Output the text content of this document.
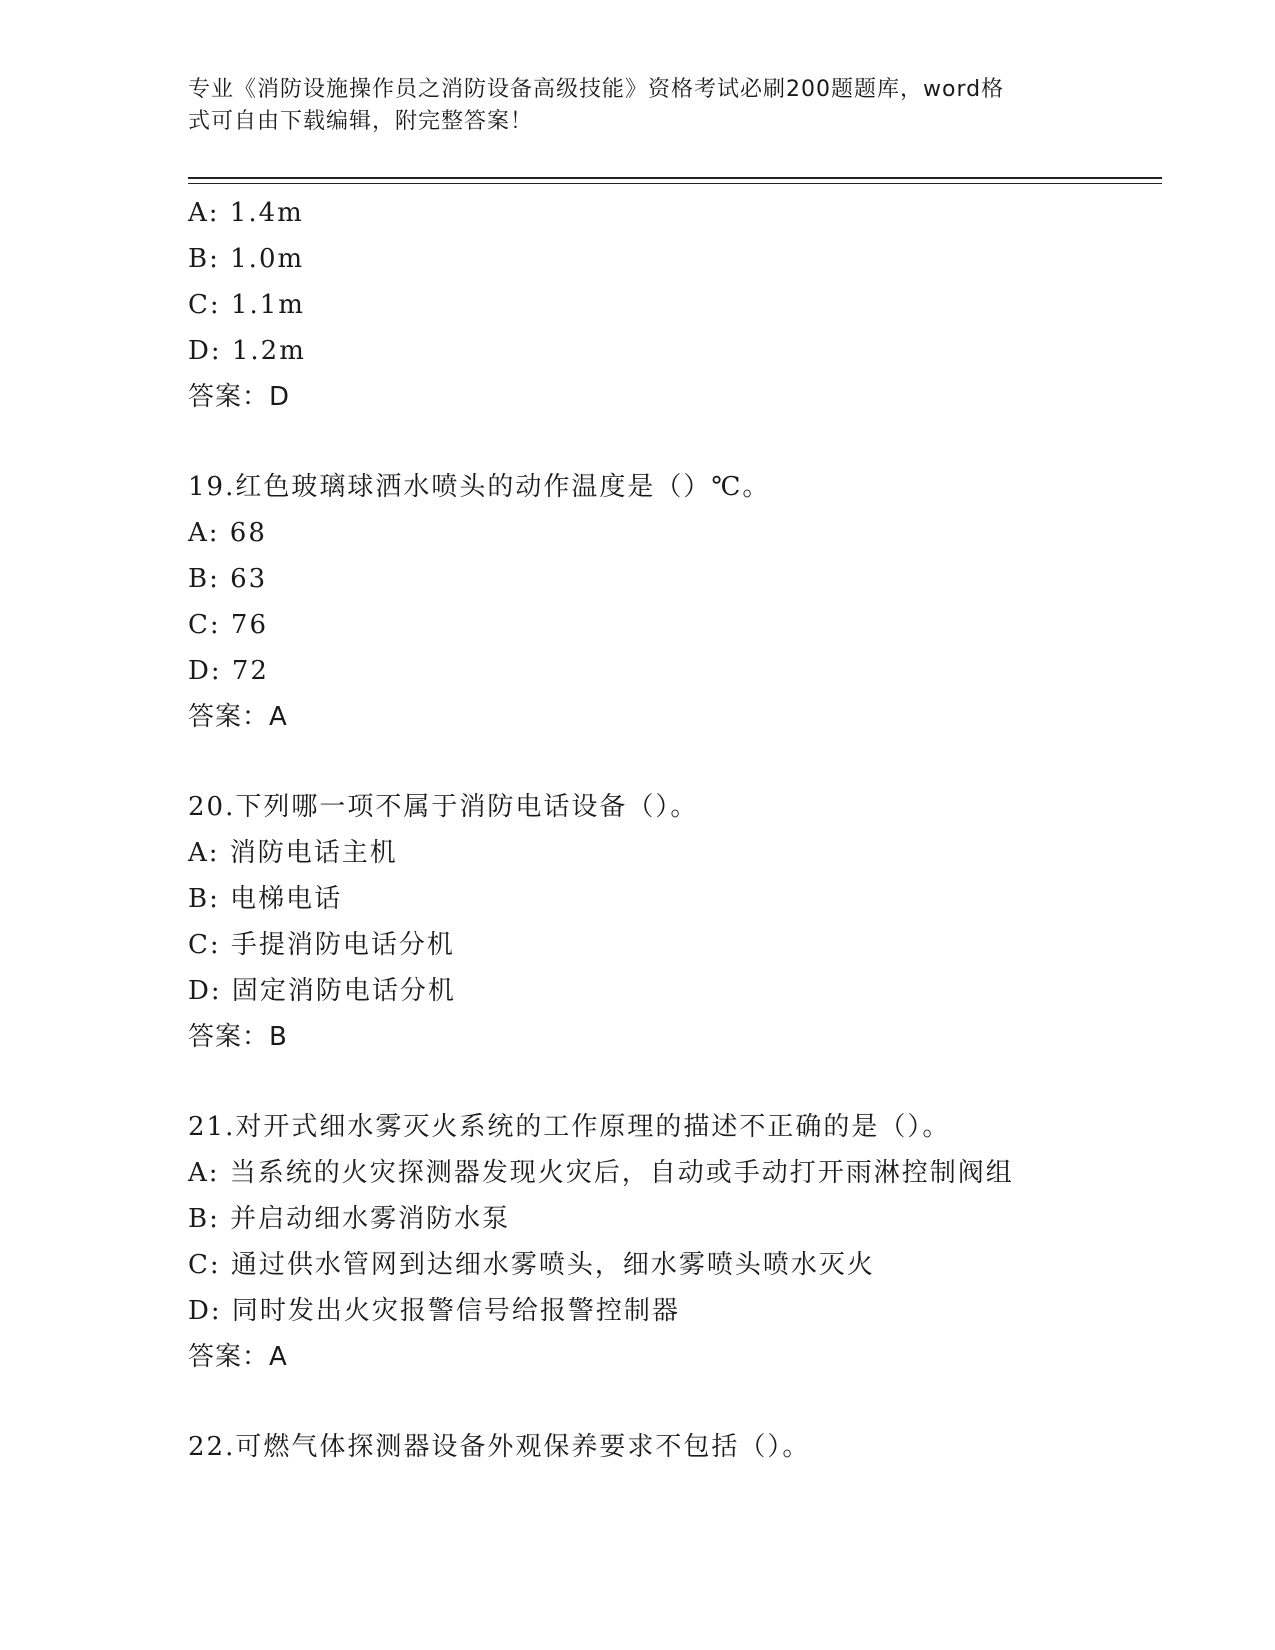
专业《消防设施操作员之消防设备高级技能》资格考试必刷200题题库，word格
式可自由下载编辑，附完整答案！
A: 1.4m
B: 1.0m
C: 1.1m
D: 1.2m
答案：D
19.红色玻璃球洒水喷头的动作温度是（）℃。
A: 68
B: 63
C: 76
D: 72
答案：A
20.下列哪一项不属于消防电话设备（）。
A: 消防电话主机
B: 电梯电话
C: 手提消防电话分机
D: 固定消防电话分机
答案：B
21.对开式细水雾灭火系统的工作原理的描述不正确的是（）。
A: 当系统的火灾探测器发现火灾后，自动或手动打开雨淋控制阀组
B: 并启动细水雾消防水泵
C: 通过供水管网到达细水雾喷头，细水雾喷头喷水灭火
D: 同时发出火灾报警信号给报警控制器
答案：A
22.可燃气体探测器设备外观保养要求不包括（）。
